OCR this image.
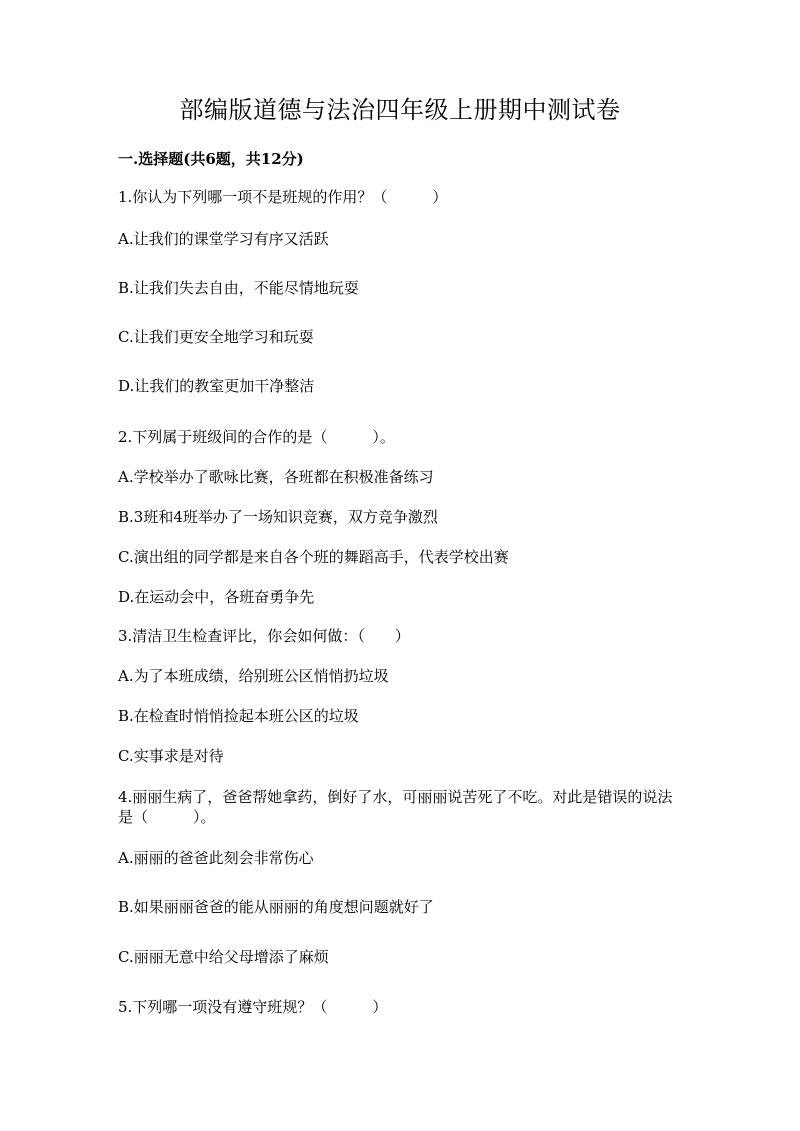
部编版道德与法治四年级上册期中测试卷
一.选择题(共6题，共12分)
1.你认为下列哪一项不是班规的作用？（　　　）
A.让我们的课堂学习有序又活跃
B.让我们失去自由，不能尽情地玩耍
C.让我们更安全地学习和玩耍
D.让我们的教室更加干净整洁
2.下列属于班级间的合作的是（　　　）。
A.学校举办了歌咏比赛，各班都在积极准备练习
B.3班和4班举办了一场知识竞赛，双方竞争激烈
C.演出组的同学都是来自各个班的舞蹈高手，代表学校出赛
D.在运动会中，各班奋勇争先
3.清洁卫生检查评比，你会如何做：（　　）
A.为了本班成绩，给别班公区悄悄扔垃圾
B.在检查时悄悄捡起本班公区的垃圾
C.实事求是对待
4.丽丽生病了，爸爸帮她拿药，倒好了水，可丽丽说苦死了不吃。对此是错误的说法是（　　　）。
A.丽丽的爸爸此刻会非常伤心
B.如果丽丽爸爸的能从丽丽的角度想问题就好了
C.丽丽无意中给父母增添了麻烦
5.下列哪一项没有遵守班规？（　　　）
